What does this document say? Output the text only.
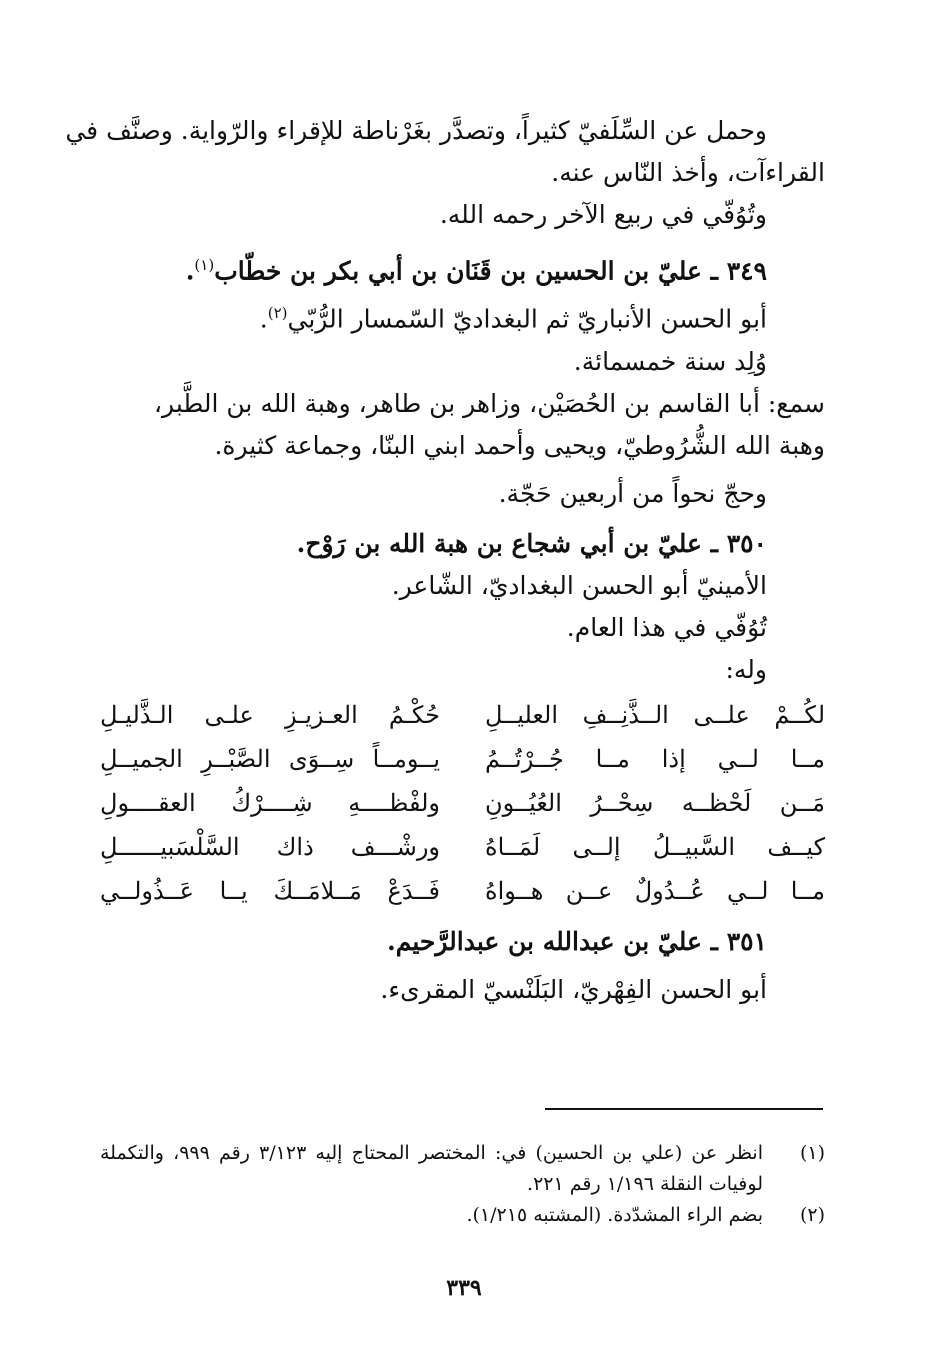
وحمل عن السِّلَفيّ كثيراً، وتصدَّر بغَرْناطة للإقراء والرّواية. وصنَّف في
القراءآت، وأخذ النّاس عنه.
وتُوُفّي في ربيع الآخر رحمه الله.
٣٤٩ ـ عليّ بن الحسين بن قَنَان بن أبي بكر بن خطّاب$^{(١)}$.
أبو الحسن الأنباريّ ثم البغداديّ السّمسار الرُّبّي$^{(٢)}$.
وُلِد سنة خمسمائة.
سمع: أبا القاسم بن الحُصَيْن، وزاهر بن طاهر، وهبة الله بن الطَّبر،
وهبة الله الشُّرُوطيّ، ويحيى وأحمد ابني البنّا، وجماعة كثيرة.
وحجّ نحواً من أربعين حَجّة.
٣٥٠ ـ عليّ بن أبي شجاع بن هبة الله بن رَوْح.
الأمينيّ أبو الحسن البغداديّ، الشّاعر.
تُوُفّي في هذا العام.
وله:
لكُــمْ علــى الــذَّنِــفِ العليــلِ
حُكْـمُ العـزيـزِ علـى الـذَّليـلِ
مــا لــي إذا مــا جُــرْتُــمُ
يــومــاً سِــوَى الصَّبْــرِ الجميــلِ
مَــن لَحْظــه سِحْــرُ العُيُــونِ
ولفْظــــهِ شِــــرْكُ العقــــولِ
كيــف السَّبيــلُ إلــى لَمَــاهُ
ورشْـــف ذاك السَّلْسَبيــــــلِ
مــا لــي عُــدُولٌ عــن هــواهُ
فَــدَعْ مَــلامَــكَ يــا عَــذُولــي
٣٥١ ـ عليّ بن عبدالله بن عبدالرَّحيم.
أبو الحسن الفِهْريّ، البَلَنْسيّ المقرىء.
(١)
انظر عن (علي بن الحسين) في: المختصر المحتاج إليه ٣/١٢٣ رقم ٩٩٩، والتكملة لوفيات النقلة ١/١٩٦ رقم ٢٢١.
(٢)
بضم الراء المشدّدة. (المشتبه ١/٢١٥).
٣٣٩
